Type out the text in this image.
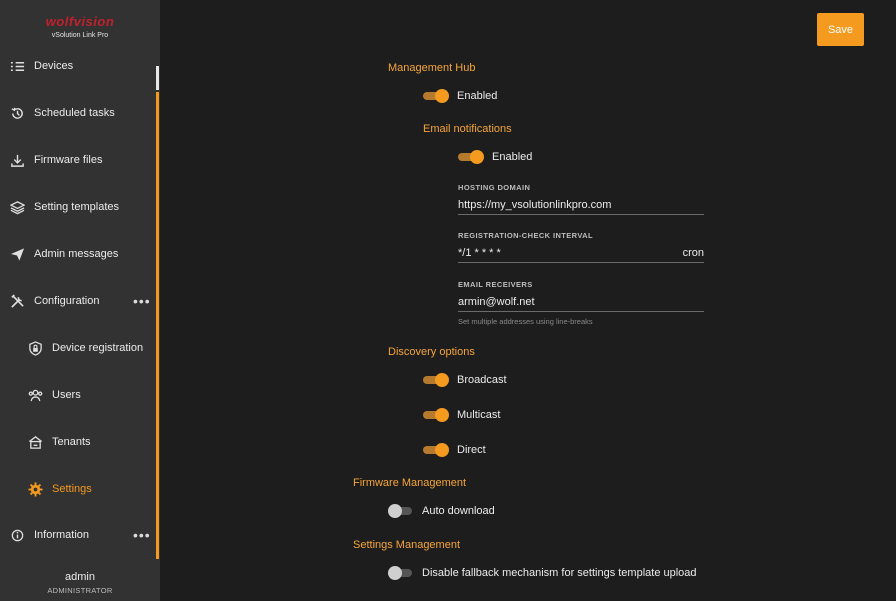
wolfvision
vSolution Link Pro
Devices
Scheduled tasks
Firmware files
Setting templates
Admin messages
Configuration •••
Device registration
Users
Tenants
Settings
Information	•••
admin
ADMINISTRATOR
Save
Management Hub
Enabled
Email notifications
Enabled
HOSTING DOMAIN
https://my_vsolutionlinkpro.com
REGISTRATION-CHECK INTERVAL
*/1 * * * *	cron
EMAIL RECEIVERS
armin@wolf.net
Set multiple addresses using line-breaks
Discovery options
Broadcast
Multicast
Direct
Firmware Management
Auto download
Settings Management
Disable fallback mechanism for settings template upload
